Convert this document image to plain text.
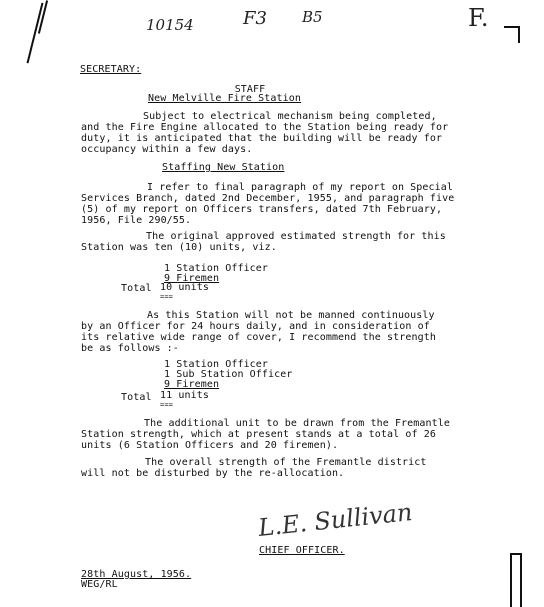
10154	F3 B5	F.
SECRETARY:
STAFF
New Melville Fire Station
Subject to electrical mechanism being completed,
and the Fire Engine allocated to the Station being ready for
duty, it is anticipated that the building will be ready for
occupancy within a few days.
Staffing New Station
I refer to final paragraph of my report on Special
Services Branch, dated 2nd December, 1955, and paragraph five
(5) of my report on Officers transfers, dated 7th February,
1956, File 290/55.
The original approved estimated strength for this
Station was ten (10) units, viz.
1 Station Officer
9 Firemen
Total 10 units
===
As this Station will not be manned continuously
by an Officer for 24 hours daily, and in consideration of
its relative wide range of cover, I recommend the strength
be as follows :-
1 Station Officer
1 Sub Station Officer
9 Firemen
Total 11 units
===
The additional unit to be drawn from the Fremantle
Station strength, which at present stands at a total of 26
units (6 Station Officers and 20 firemen).
The overall strength of the Fremantle district
will not be disturbed by the re-allocation.
L.E. Sullivan
CHIEF OFFICER.
28th August, 1956.
WEG/RL
